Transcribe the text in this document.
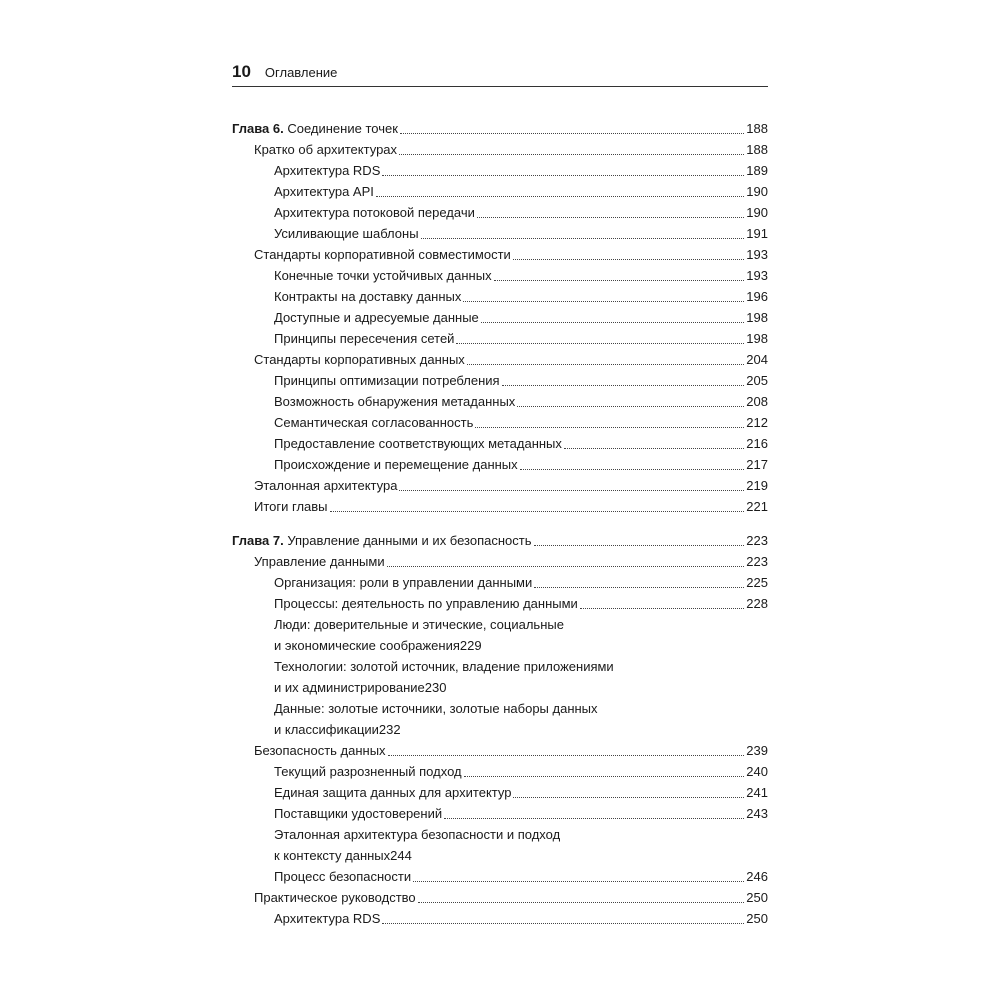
10 Оглавление
Глава 6. Соединение точек	188
Кратко об архитектурах	188
Архитектура RDS	189
Архитектура API	190
Архитектура потоковой передачи	190
Усиливающие шаблоны	191
Стандарты корпоративной совместимости	193
Конечные точки устойчивых данных	193
Контракты на доставку данных	196
Доступные и адресуемые данные	198
Принципы пересечения сетей	198
Стандарты корпоративных данных	204
Принципы оптимизации потребления	205
Возможность обнаружения метаданных	208
Семантическая согласованность	212
Предоставление соответствующих метаданных	216
Происхождение и перемещение данных	217
Эталонная архитектура	219
Итоги главы	221
Глава 7. Управление данными и их безопасность	223
Управление данными	223
Организация: роли в управлении данными	225
Процессы: деятельность по управлению данными	228
Люди: доверительные и этические, социальные
и экономические соображения 229
Технологии: золотой источник, владение приложениями
и их администрирование 230
Данные: золотые источники, золотые наборы данных
и классификации 232
Безопасность данных	239
Текущий разрозненный подход	240
Единая защита данных для архитектур	241
Поставщики удостоверений	243
Эталонная архитектура безопасности и подход
к контексту данных 244
Процесс безопасности	246
Практическое руководство	250
Архитектура RDS	250
